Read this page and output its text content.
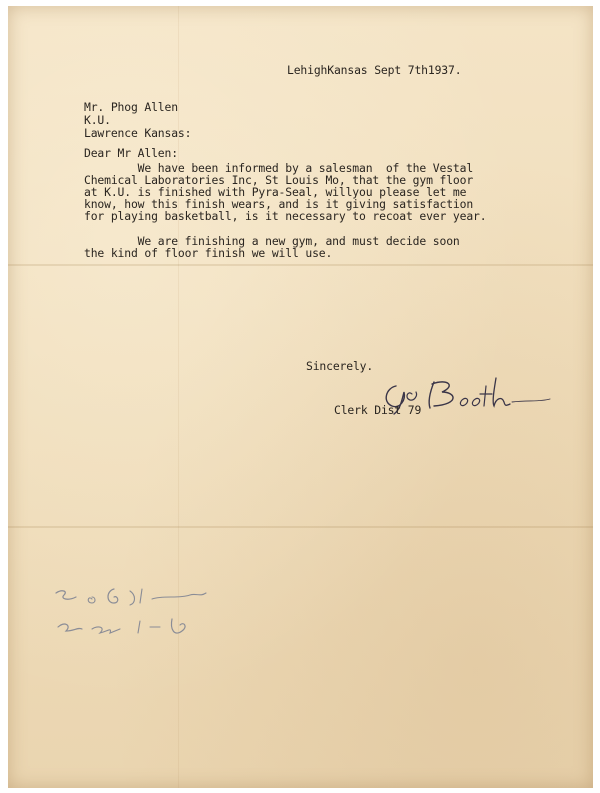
LehighKansas Sept 7th1937.
Mr. Phog Allen
K.U.
Lawrence Kansas:
Dear Mr Allen:
We have been informed by a salesman  of the Vestal
Chemical Laboratories Inc, St Louis Mo, that the gym floor
at K.U. is finished with Pyra-Seal, willyou please let me
know, how this finish wears, and is it giving satisfaction
for playing basketball, is it necessary to recoat ever year.
We are finishing a new gym, and must decide soon
the kind of floor finish we will use.
Sincerely.
Clerk Dist 79
